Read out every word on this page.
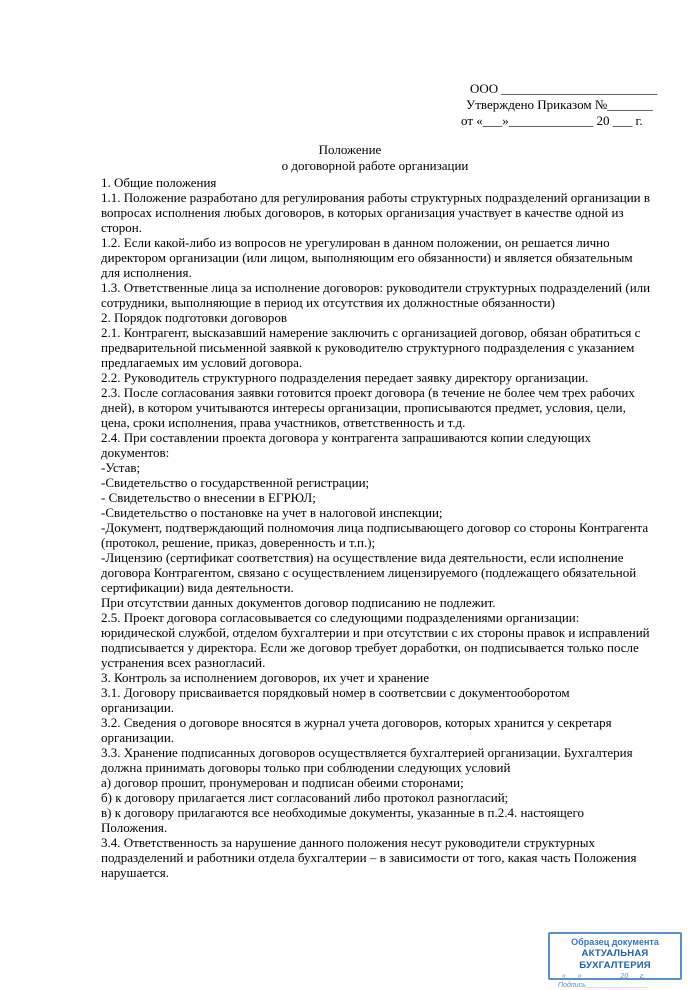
ООО ________________________
Утверждено Приказом №_______
от «___»_____________ 20 ___ г.
Положение
о договорной работе организации

1. Общие положения

1.1. Положение разработано для регулирования работы структурных подразделений организации в

вопросах исполнения любых договоров, в которых организация участвует в качестве одной из

сторон.

1.2. Если какой-либо из вопросов не урегулирован в данном положении, он решается лично

директором организации (или лицом, выполняющим его обязанности) и является обязательным

для исполнения.

1.3. Ответственные лица за исполнение договоров: руководители структурных подразделений (или

сотрудники, выполняющие в период их отсутствия их должностные обязанности)

2. Порядок подготовки договоров

2.1. Контрагент, высказавший намерение заключить с организацией договор, обязан обратиться с

предварительной письменной заявкой к руководителю структурного подразделения с указанием

предлагаемых им условий договора.

2.2. Руководитель структурного подразделения передает заявку директору организации.

2.3. После согласования заявки готовится проект договора (в течение не более чем трех рабочих

дней), в котором учитываются интересы организации, прописываются предмет, условия, цели,

цена, сроки исполнения, права участников, ответственность и т.д.

2.4. При составлении проекта договора у контрагента запрашиваются копии следующих

документов:

-Устав;

-Свидетельство о государственной регистрации;

- Свидетельство о внесении в ЕГРЮЛ;

-Свидетельство о постановке на учет в налоговой инспекции;

-Документ, подтверждающий полномочия лица подписывающего договор со стороны Контрагента

(протокол, решение, приказ, доверенность и т.п.);

-Лицензию (сертификат соответствия) на осуществление вида деятельности, если исполнение

договора Контрагентом, связано с осуществлением лицензируемого (подлежащего обязательной

сертификации) вида деятельности.

При отсутствии данных документов договор подписанию не подлежит.

2.5. Проект договора согласовывается со следующими подразделениями организации:

юридической службой, отделом бухгалтерии и при отсутствии с их стороны правок и исправлений

подписывается у директора. Если же договор требует доработки, он подписывается только после

устранения всех разногласий.

3. Контроль за исполнением договоров, их учет и хранение

3.1. Договору присваивается порядковый номер в соответсвии с документооборотом

организации.

3.2. Сведения о договоре вносятся в журнал учета договоров, которых хранится у секретаря

организации.

3.3. Хранение подписанных договоров осуществляется бухгалтерией организации. Бухгалтерия

должна принимать договоры только при соблюдении следующих условий

а) договор прошит, пронумерован и подписан обеими сторонами;

б) к договору прилагается лист согласований либо протокол разногласий;

в) к договору прилагаются все необходимые документы, указанные в п.2.4. настоящего

Положения.

3.4. Ответственность за нарушение данного положения несут руководители структурных

подразделений и работники отдела бухгалтерии – в зависимости от того, какая часть Положения

нарушается.

Образец документа
АКТУАЛЬНАЯ БУХГАЛТЕРИЯ
«___»__________20___г.
Подпись________________
